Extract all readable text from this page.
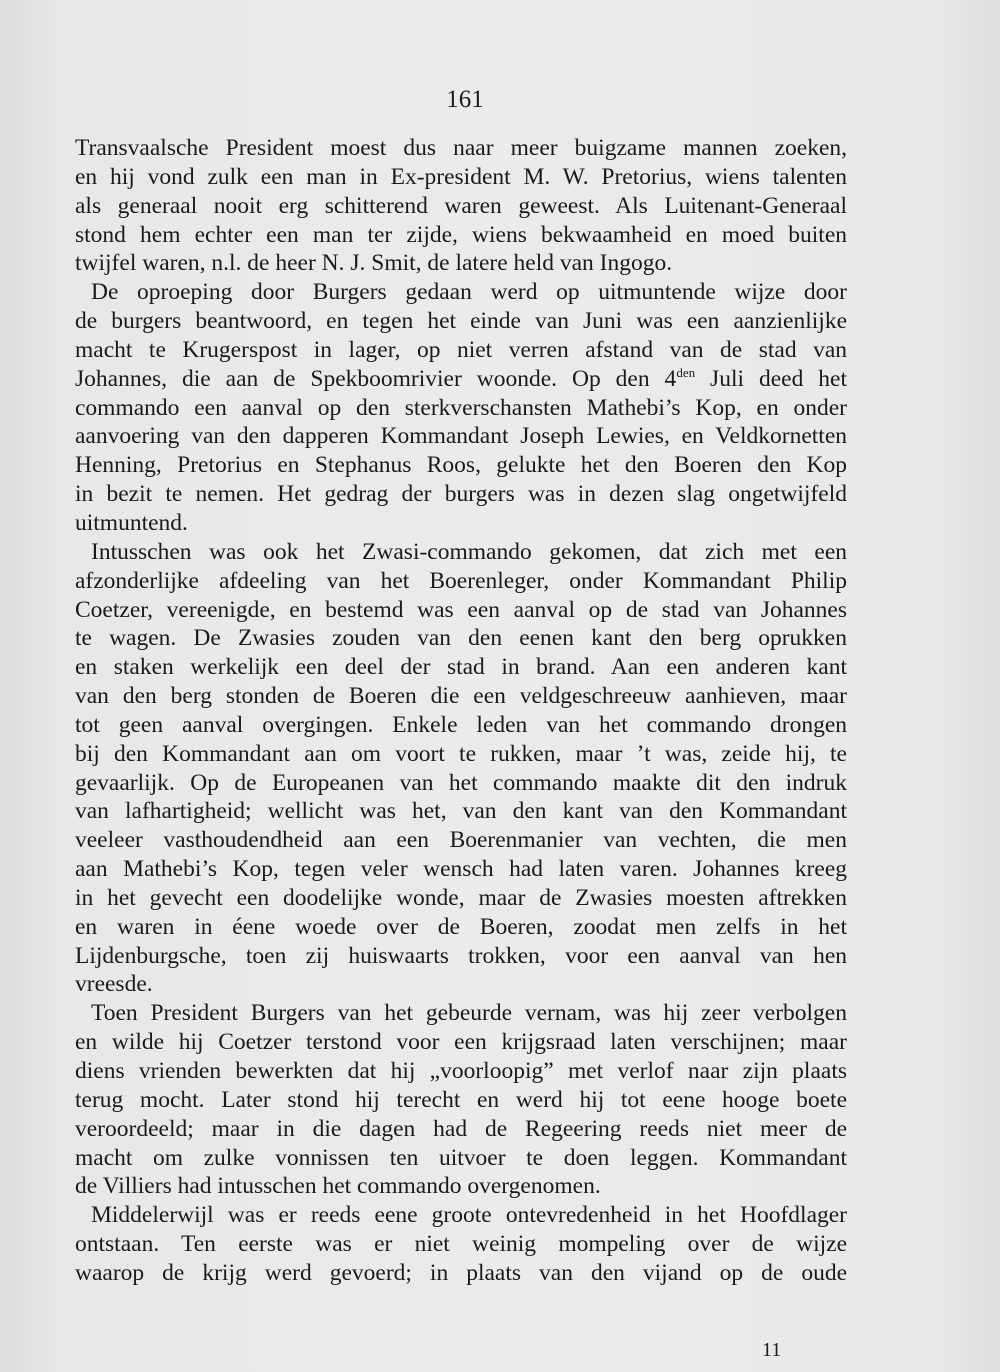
161
Transvaalsche President moest dus naar meer buigzame mannen zoeken,
en hij vond zulk een man in Ex-president M. W. Pretorius, wiens talenten
als generaal nooit erg schitterend waren geweest. Als Luitenant-Generaal
stond hem echter een man ter zijde, wiens bekwaamheid en moed buiten
twijfel waren, n.l. de heer N. J. Smit, de latere held van Ingogo.
De oproeping door Burgers gedaan werd op uitmuntende wijze door
de burgers beantwoord, en tegen het einde van Juni was een aanzienlijke
macht te Krugerspost in lager, op niet verren afstand van de stad van
Johannes, die aan de Spekboomrivier woonde. Op den $4^{den}$ Juli deed het
commando een aanval op den sterkverschansten Mathebi’s Kop, en onder
aanvoering van den dapperen Kommandant Joseph Lewies, en Veldkornetten
Henning, Pretorius en Stephanus Roos, gelukte het den Boeren den Kop
in bezit te nemen. Het gedrag der burgers was in dezen slag ongetwijfeld
uitmuntend.
Intusschen was ook het Zwasi-commando gekomen, dat zich met een
afzonderlijke afdeeling van het Boerenleger, onder Kommandant Philip
Coetzer, vereenigde, en bestemd was een aanval op de stad van Johannes
te wagen. De Zwasies zouden van den eenen kant den berg oprukken
en staken werkelijk een deel der stad in brand. Aan een anderen kant
van den berg stonden de Boeren die een veldgeschreeuw aanhieven, maar
tot geen aanval overgingen. Enkele leden van het commando drongen
bij den Kommandant aan om voort te rukken, maar ’t was, zeide hij, te
gevaarlijk. Op de Europeanen van het commando maakte dit den indruk
van lafhartigheid; wellicht was het, van den kant van den Kommandant
veeleer vasthoudendheid aan een Boerenmanier van vechten, die men
aan Mathebi’s Kop, tegen veler wensch had laten varen. Johannes kreeg
in het gevecht een doodelijke wonde, maar de Zwasies moesten aftrekken
en waren in éene woede over de Boeren, zoodat men zelfs in het
Lijdenburgsche, toen zij huiswaarts trokken, voor een aanval van hen
vreesde.
Toen President Burgers van het gebeurde vernam, was hij zeer verbolgen
en wilde hij Coetzer terstond voor een krijgsraad laten verschijnen; maar
diens vrienden bewerkten dat hij „voorloopig” met verlof naar zijn plaats
terug mocht. Later stond hij terecht en werd hij tot eene hooge boete
veroordeeld; maar in die dagen had de Regeering reeds niet meer de
macht om zulke vonnissen ten uitvoer te doen leggen. Kommandant
de Villiers had intusschen het commando overgenomen.
Middelerwijl was er reeds eene groote ontevredenheid in het Hoofdlager
ontstaan. Ten eerste was er niet weinig mompeling over de wijze
waarop de krijg werd gevoerd; in plaats van den vijand op de oude
11
